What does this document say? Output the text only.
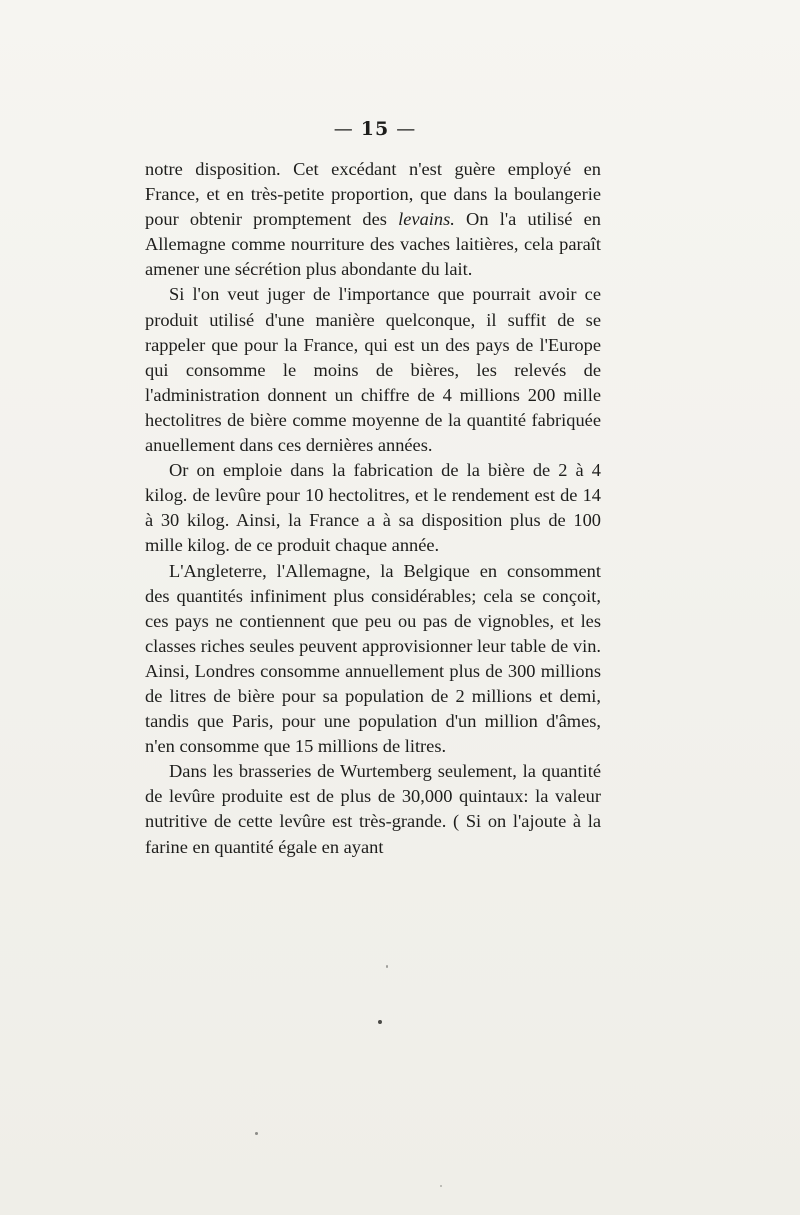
— 15 —

notre disposition. Cet excédant n'est guère employé en France, et en très-petite proportion, que dans la boulangerie pour obtenir promptement des levains. On l'a utilisé en Allemagne comme nourriture des vaches laitières, cela paraît amener une sécrétion plus abondante du lait.

Si l'on veut juger de l'importance que pourrait avoir ce produit utilisé d'une manière quelconque, il suffit de se rappeler que pour la France, qui est un des pays de l'Europe qui consomme le moins de bières, les relevés de l'administration donnent un chiffre de 4 millions 200 mille hectolitres de bière comme moyenne de la quantité fabriquée anuellement dans ces dernières années.

Or on emploie dans la fabrication de la bière de 2 à 4 kilog. de levûre pour 10 hectolitres, et le rendement est de 14 à 30 kilog. Ainsi, la France a à sa disposition plus de 100 mille kilog. de ce produit chaque année.

L'Angleterre, l'Allemagne, la Belgique en consomment des quantités infiniment plus considérables; cela se conçoit, ces pays ne contiennent que peu ou pas de vignobles, et les classes riches seules peuvent approvisionner leur table de vin. Ainsi, Londres consomme annuellement plus de 300 millions de litres de bière pour sa population de 2 millions et demi, tandis que Paris, pour une population d'un million d'âmes, n'en consomme que 15 millions de litres.

Dans les brasseries de Wurtemberg seulement, la quantité de levûre produite est de plus de 30,000 quintaux: la valeur nutritive de cette levûre est très-grande. ( Si on l'ajoute à la farine en quantité égale en ayant
